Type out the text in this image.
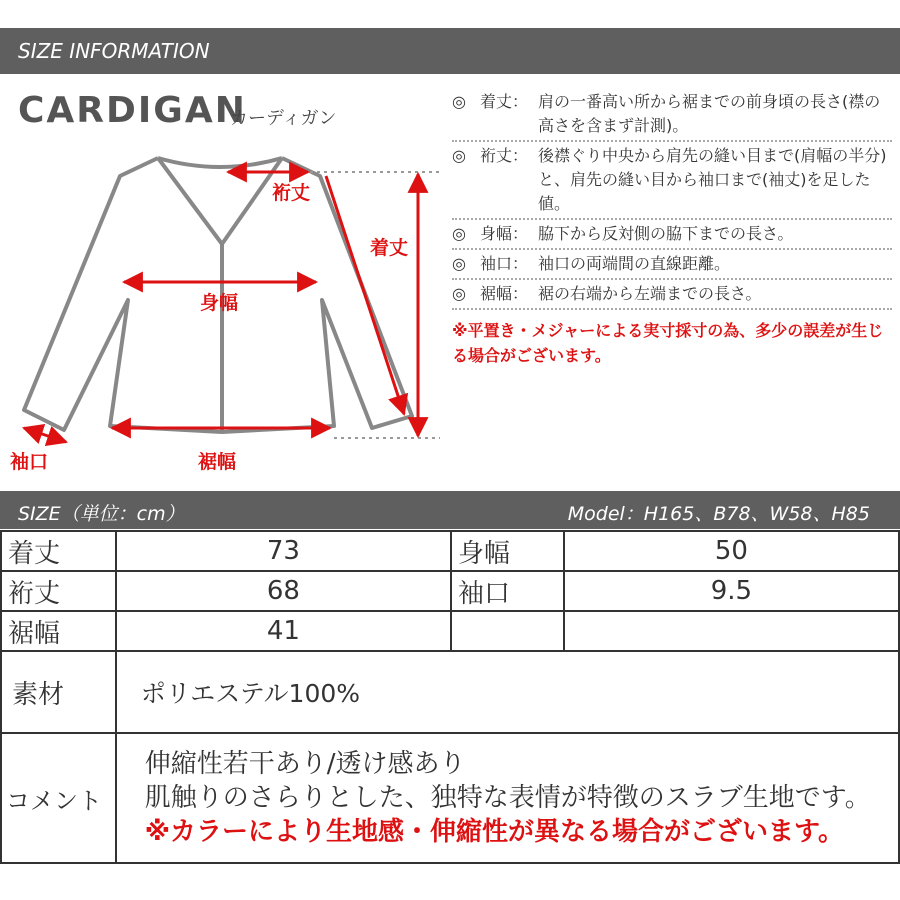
SIZE INFORMATION
CARDIGAN
カーディガン
裄丈
着丈
身幅
袖口	裾幅
◎ 着丈： 肩の一番高い所から裾までの前身頃の長さ(襟の高さを含まず計測)。
◎ 裄丈： 後襟ぐり中央から肩先の縫い目まで(肩幅の半分)と、肩先の縫い目から袖口まで(袖丈)を足した値。
◎ 身幅： 脇下から反対側の脇下までの長さ。
◎ 袖口： 袖口の両端間の直線距離。
◎ 裾幅： 裾の右端から左端までの長さ。
※平置き・メジャーによる実寸採寸の為、多少の誤差が生じる場合がございます。
SIZE（単位：cm）	Model：H165、B78、W58、H85
着丈	73	身幅	50
裄丈	68	袖口	9.5
裾幅	41		
素材	ポリエステル100%		
コメント	伸縮性若干あり/透け感あり
肌触りのさらりとした、独特な表情が特徴のスラブ生地です。
※カラーにより生地感・伸縮性が異なる場合がございます。		
